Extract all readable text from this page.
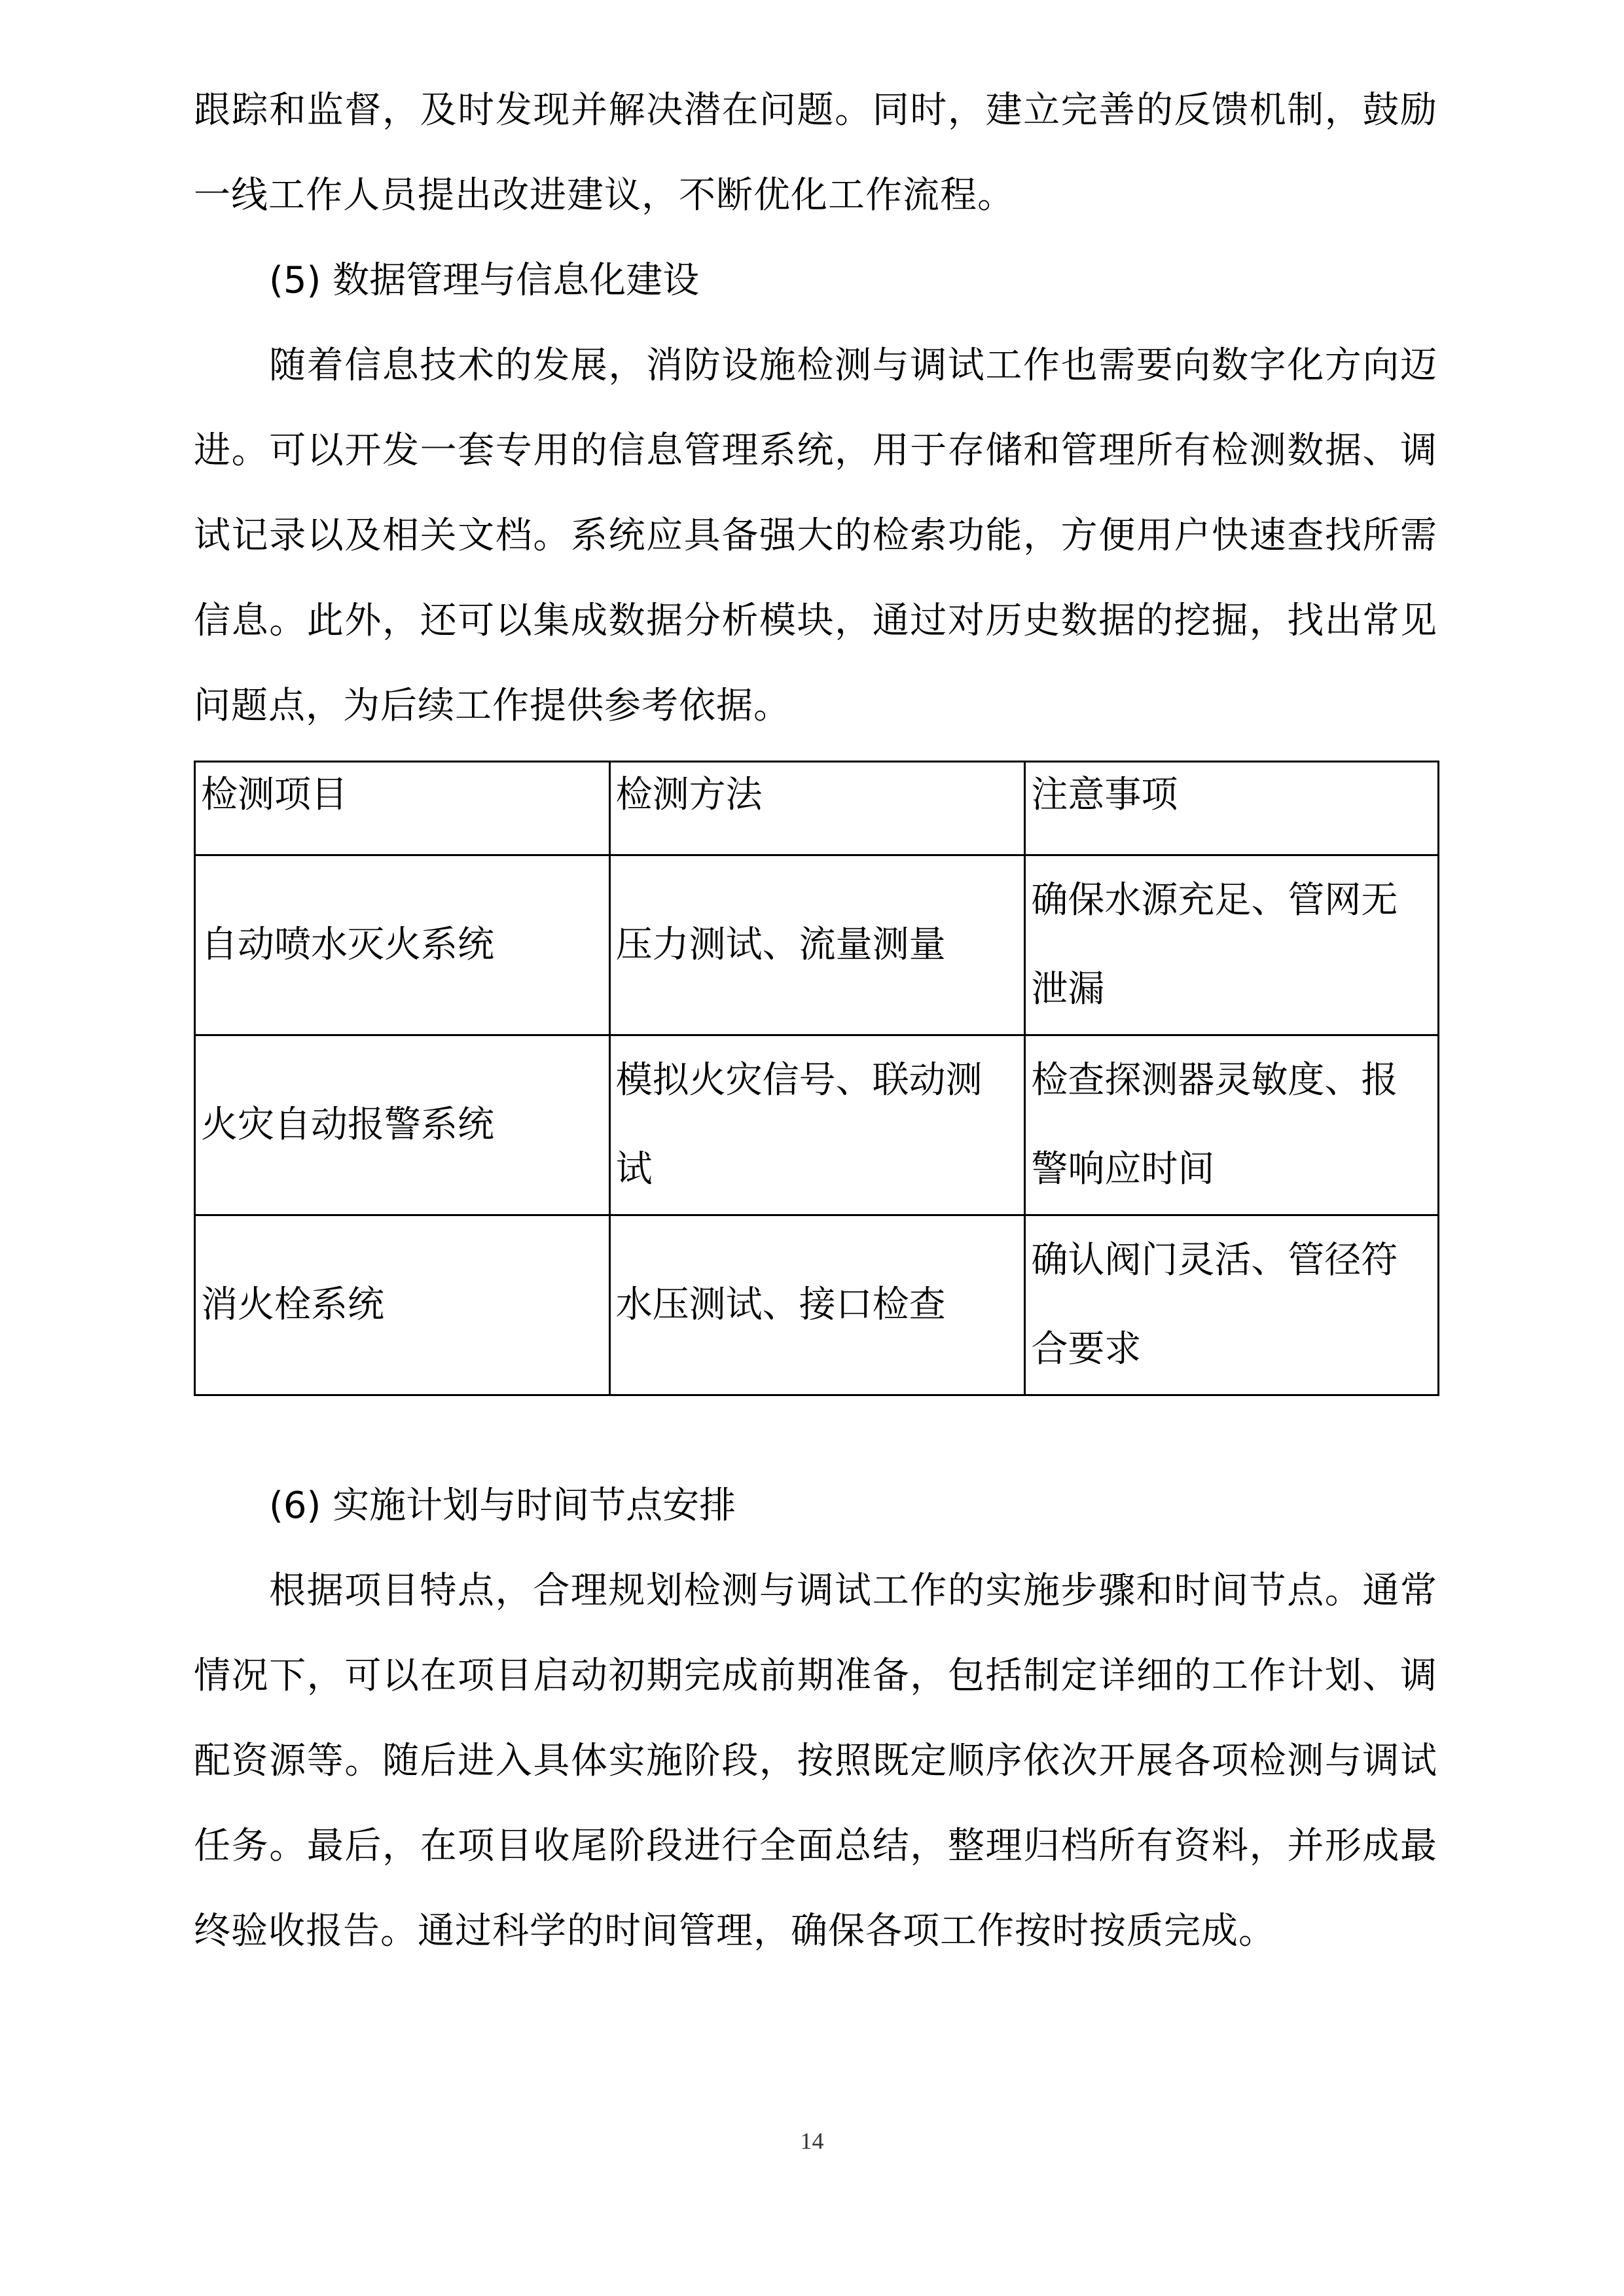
跟踪和监督，及时发现并解决潜在问题。同时，建立完善的反馈机制，鼓励一线工作人员提出改进建议，不断优化工作流程。

(5) 数据管理与信息化建设

随着信息技术的发展，消防设施检测与调试工作也需要向数字化方向迈进。可以开发一套专用的信息管理系统，用于存储和管理所有检测数据、调试记录以及相关文档。系统应具备强大的检索功能，方便用户快速查找所需信息。此外，还可以集成数据分析模块，通过对历史数据的挖掘，找出常见问题点，为后续工作提供参考依据。

检测项目	检测方法	注意事项
自动喷水灭火系统	压力测试、流量测量	确保水源充足、管网无泄漏
火灾自动报警系统	模拟火灾信号、联动测试	检查探测器灵敏度、报警响应时间
消火栓系统	水压测试、接口检查	确认阀门灵活、管径符合要求

(6) 实施计划与时间节点安排

根据项目特点，合理规划检测与调试工作的实施步骤和时间节点。通常情况下，可以在项目启动初期完成前期准备，包括制定详细的工作计划、调配资源等。随后进入具体实施阶段，按照既定顺序依次开展各项检测与调试任务。最后，在项目收尾阶段进行全面总结，整理归档所有资料，并形成最终验收报告。通过科学的时间管理，确保各项工作按时按质完成。

14
